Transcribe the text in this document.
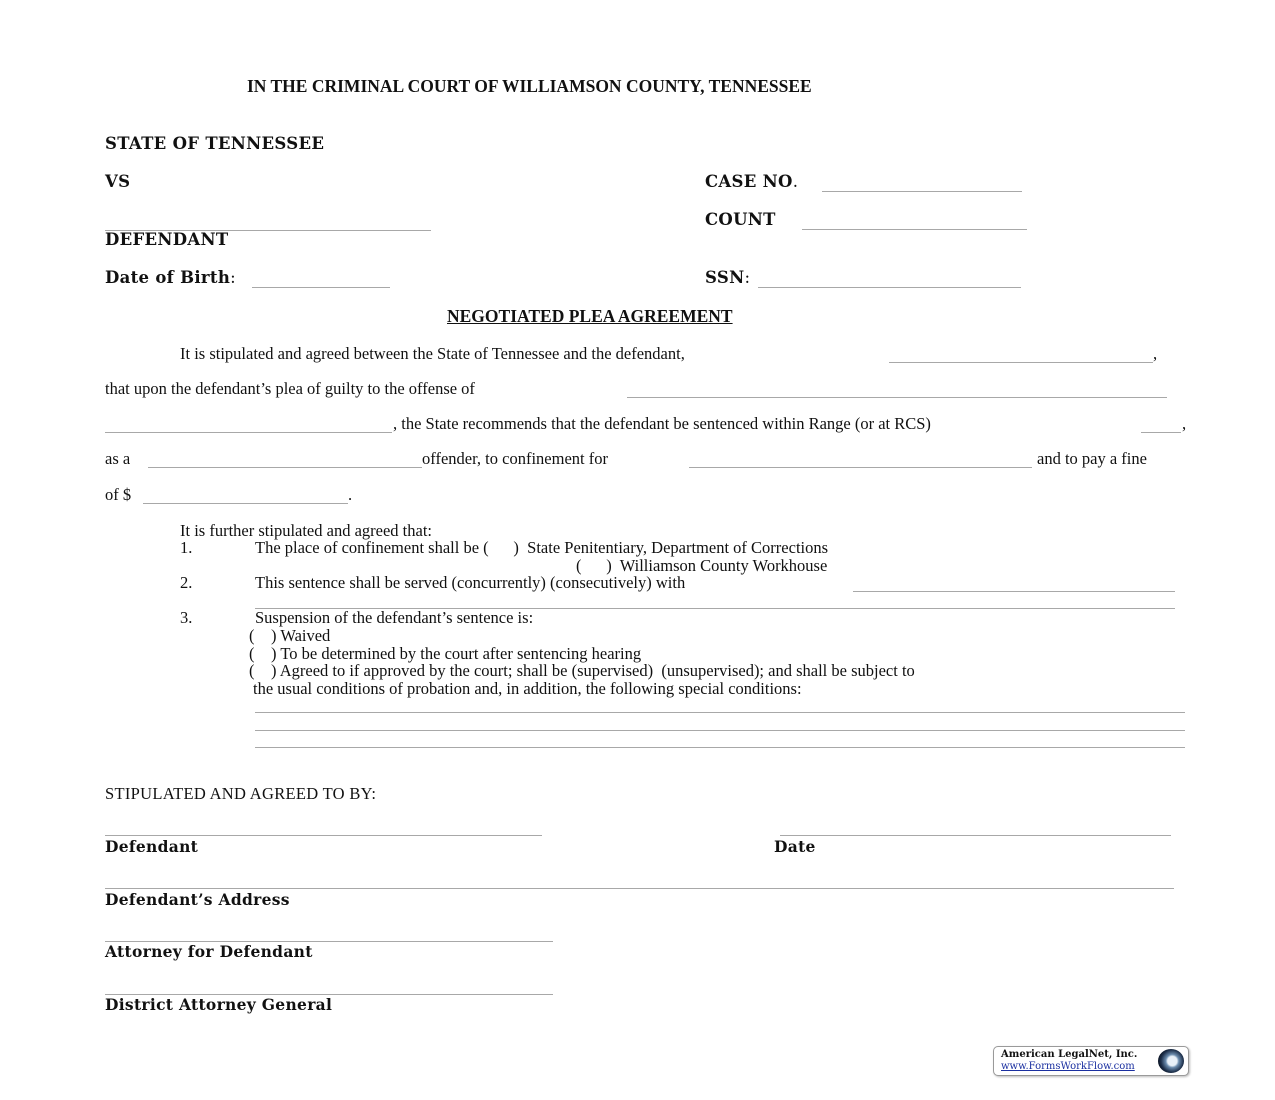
IN THE CRIMINAL COURT OF WILLIAMSON COUNTY, TENNESSEE
STATE OF TENNESSEE
VS
DEFENDANT
Date of Birth:
CASE NO.
COUNT
SSN:
NEGOTIATED PLEA AGREEMENT
It is stipulated and agreed between the State of Tennessee and the defendant,	,
that upon the defendant’s plea of guilty to the offense of
, the State recommends that the defendant be sentenced within Range (or at RCS)	,
as a	offender, to confinement for	and to pay a fine
of $	.
It is further stipulated and agreed that:
1.	The place of confinement shall be (      )  State Penitentiary, Department of Corrections
(      )  Williamson County Workhouse
2.	This sentence shall be served (concurrently) (consecutively) with
3.	Suspension of the defendant’s sentence is:
(    ) Waived
(    ) To be determined by the court after sentencing hearing
(    ) Agreed to if approved by the court; shall be (supervised)  (unsupervised); and shall be subject to
the usual conditions of probation and, in addition, the following special conditions:
STIPULATED AND AGREED TO BY:
Defendant	Date
Defendant’s Address
Attorney for Defendant
District Attorney General
American LegalNet, Inc.
www.FormsWorkFlow.com
